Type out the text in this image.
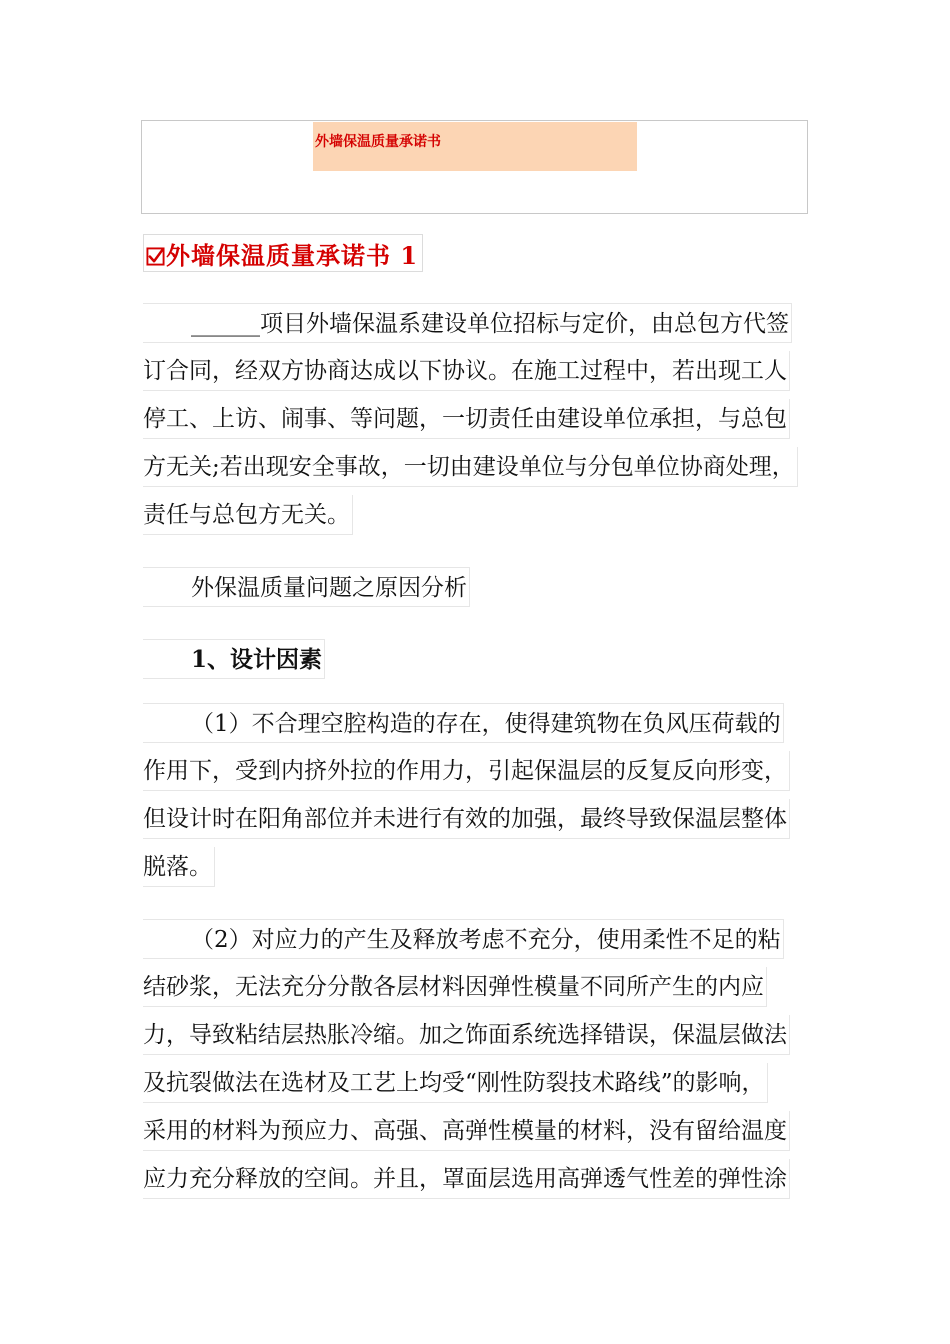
外墙保温质量承诺书
外墙保温质量承诺书 1
______项目外墙保温系建设单位招标与定价，由总包方代签
订合同，经双方协商达成以下协议。在施工过程中，若出现工人
停工、上访、闹事、等问题，一切责任由建设单位承担，与总包
方无关;若出现安全事故，一切由建设单位与分包单位协商处理，
责任与总包方无关。
外保温质量问题之原因分析
1、设计因素
（1）不合理空腔构造的存在，使得建筑物在负风压荷载的
作用下，受到内挤外拉的作用力，引起保温层的反复反向形变，
但设计时在阳角部位并未进行有效的加强，最终导致保温层整体
脱落。
（2）对应力的产生及释放考虑不充分，使用柔性不足的粘
结砂浆，无法充分分散各层材料因弹性模量不同所产生的内应
力，导致粘结层热胀冷缩。加之饰面系统选择错误，保温层做法
及抗裂做法在选材及工艺上均受“刚性防裂技术路线”的影响，
采用的材料为预应力、高强、高弹性模量的材料，没有留给温度
应力充分释放的空间。并且，罩面层选用高弹透气性差的弹性涂
